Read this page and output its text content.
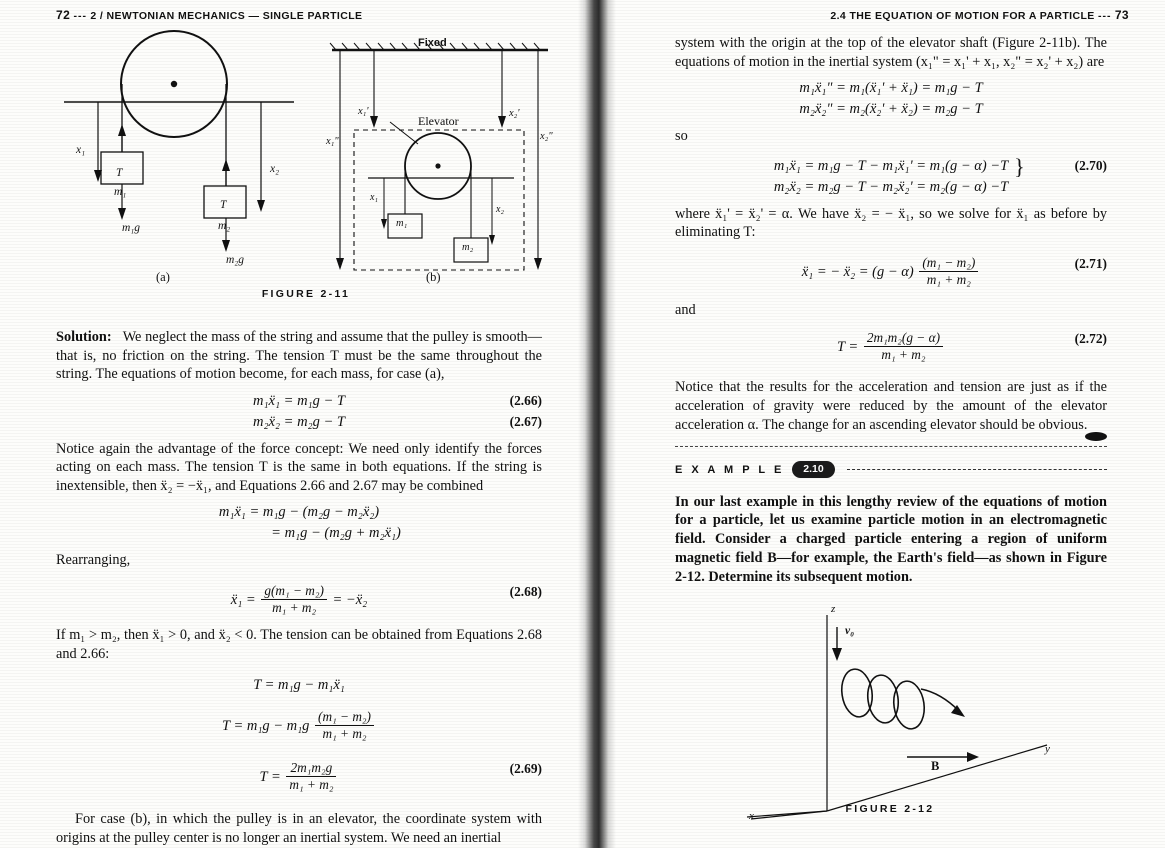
72 --- 2 / NEWTONIAN MECHANICS — SINGLE PARTICLE
x₁
x₂
T
m₁
m₁g
T
m₂
m₂g
(a)
x₁'	x₂'
x₁"	x₂"
x₁
x₂
m₁
m₂
Fixed
Elevator
(b)
FIGURE 2-11

Solution: We neglect the mass of the string and assume that the pulley is smooth—that is, no friction on the string. The tension T must be the same throughout the string. The equations of motion become, for each mass, for case (a),

m₁ẍ₁ = m₁g − T	(2.66)
m₂ẍ₂ = m₂g − T	(2.67)

Notice again the advantage of the force concept: We need only identify the forces acting on each mass. The tension T is the same in both equations. If the string is inextensible, then ẍ₂ = −ẍ₁, and Equations 2.66 and 2.67 may be combined

m₁ẍ₁ = m₁g − (m₂g − m₂ẍ₂)
= m₁g − (m₂g + m₂ẍ₁)

Rearranging,

ẍ₁ = $\frac{\text{g(m₁ − m₂)}}{\text{m₁ + m₂}}$ = −ẍ₂
(2.68)

If m₁ > m₂, then ẍ₁ > 0, and ẍ₂ < 0. The tension can be obtained from Equations 2.68 and 2.66:

T = m₁g − m₁ẍ₁
$T = m_1g - m_1g \frac{\text{(m₁ − m₂)}}{\text{m₁ + m₂}}$
$T = \frac{\text{2m₁m₂g}}{\text{m₁ + m₂}}$	(2.69)

For case (b), in which the pulley is in an elevator, the coordinate system with origins at the pulley center is no longer an inertial system. We need an inertial

2.4 THE EQUATION OF MOTION FOR A PARTICLE --- 73

system with the origin at the top of the elevator shaft (Figure 2-11b). The equations of motion in the inertial system (x₁" = x₁' + x₁, x₂" = x₂' + x₂) are

m₁ẍ₁" = m₁(ẍ₁' + ẍ₁) = m₁g − T
m₂ẍ₂" = m₂(ẍ₂' + ẍ₂) = m₂g − T

so

m₁ẍ₁ = m₁g − T − m₁ẍ₁' = m₁(g − α) −T }	(2.70)
m₂ẍ₂ = m₂g − T − m₂ẍ₂' = m₂(g − α) −T

where ẍ₁' = ẍ₂' = α. We have ẍ₂ = − ẍ₁, so we solve for ẍ₁ as before by eliminating T:

ẍ₁ = − ẍ₂ = $(g - \alpha) \frac{\text{(m₁ − m₂)}}{\text{m₁ + m₂}}$	(2.71)

and

$T = \frac{\text{2m₁m₂(g − α)}}{\text{m₁ + m₂}}$	(2.72)

Notice that the results for the acceleration and tension are just as if the acceleration of gravity were reduced by the amount of the elevator acceleration α. The change for an ascending elevator should be obvious.

E X A M P L E	2.10

In our last example in this lengthy review of the equations of motion for a particle, let us examine particle motion in an electromagnetic field. Consider a charged particle entering a region of uniform magnetic field B—for example, the Earth's field—as shown in Figure 2-12. Determine its subsequent motion.

z
y
x
v₀
B
FIGURE 2-12
